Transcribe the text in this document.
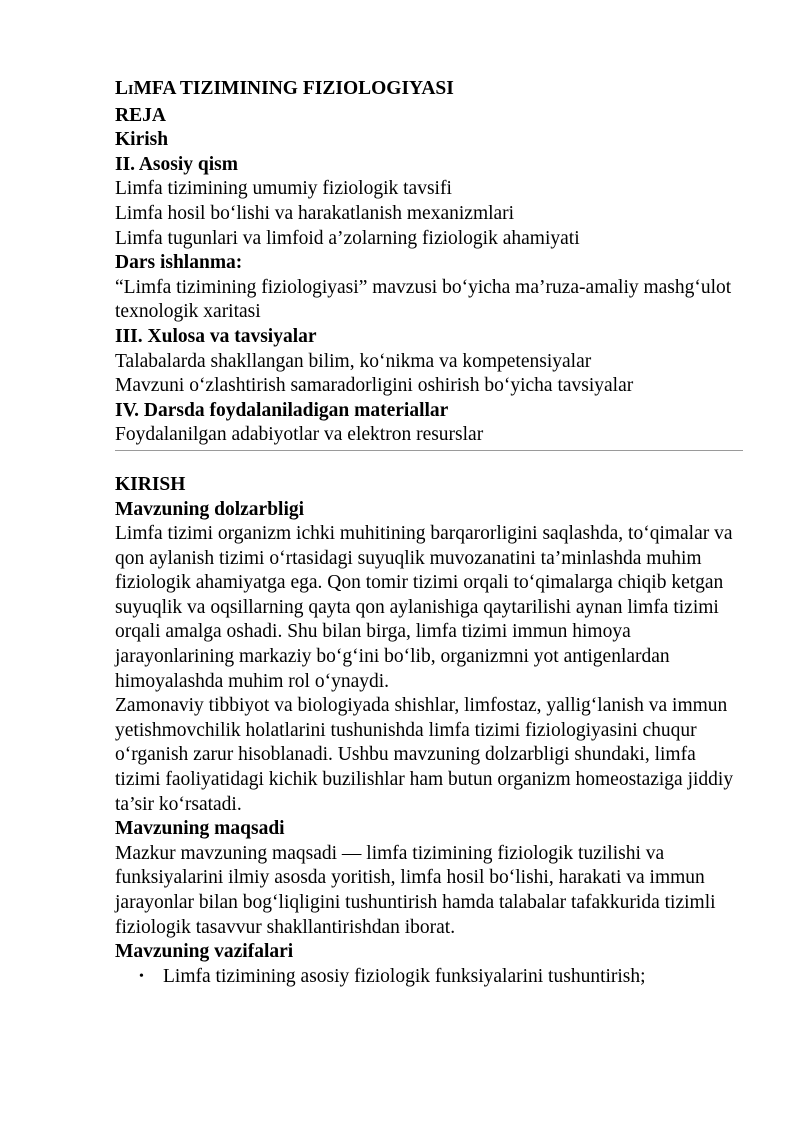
LIMFA TIZIMINING FIZIOLOGIYASI

REJA

Kirish

II. Asosiy qism

Limfa tizimining umumiy fiziologik tavsifi

Limfa hosil bo‘lishi va harakatlanish mexanizmlari

Limfa tugunlari va limfoid a’zolarning fiziologik ahamiyati

Dars ishlanma:

“Limfa tizimining fiziologiyasi” mavzusi bo‘yicha ma’ruza-amaliy mashg‘ulot texnologik xaritasi

III. Xulosa va tavsiyalar

Talabalarda shakllangan bilim, ko‘nikma va kompetensiyalar

Mavzuni o‘zlashtirish samaradorligini oshirish bo‘yicha tavsiyalar

IV. Darsda foydalaniladigan materiallar

Foydalanilgan adabiyotlar va elektron resurslar

KIRISH

Mavzuning dolzarbligi

Limfa tizimi organizm ichki muhitining barqarorligini saqlashda, to‘qimalar va qon aylanish tizimi o‘rtasidagi suyuqlik muvozanatini ta’minlashda muhim fiziologik ahamiyatga ega. Qon tomir tizimi orqali to‘qimalarga chiqib ketgan suyuqlik va oqsillarning qayta qon aylanishiga qaytarilishi aynan limfa tizimi orqali amalga oshadi. Shu bilan birga, limfa tizimi immun himoya jarayonlarining markaziy bo‘g‘ini bo‘lib, organizmni yot antigenlardan himoyalashda muhim rol o‘ynaydi.

Zamonaviy tibbiyot va biologiyada shishlar, limfostaz, yallig‘lanish va immun yetishmovchilik holatlarini tushunishda limfa tizimi fiziologiyasini chuqur o‘rganish zarur hisoblanadi. Ushbu mavzuning dolzarbligi shundaki, limfa tizimi faoliyatidagi kichik buzilishlar ham butun organizm homeostaziga jiddiy ta’sir ko‘rsatadi.

Mavzuning maqsadi

Mazkur mavzuning maqsadi — limfa tizimining fiziologik tuzilishi va funksiyalarini ilmiy asosda yoritish, limfa hosil bo‘lishi, harakati va immun jarayonlar bilan bog‘liqligini tushuntirish hamda talabalar tafakkurida tizimli fiziologik tasavvur shakllantirishdan iborat.

Mavzuning vazifalari

• Limfa tizimining asosiy fiziologik funksiyalarini tushuntirish;
